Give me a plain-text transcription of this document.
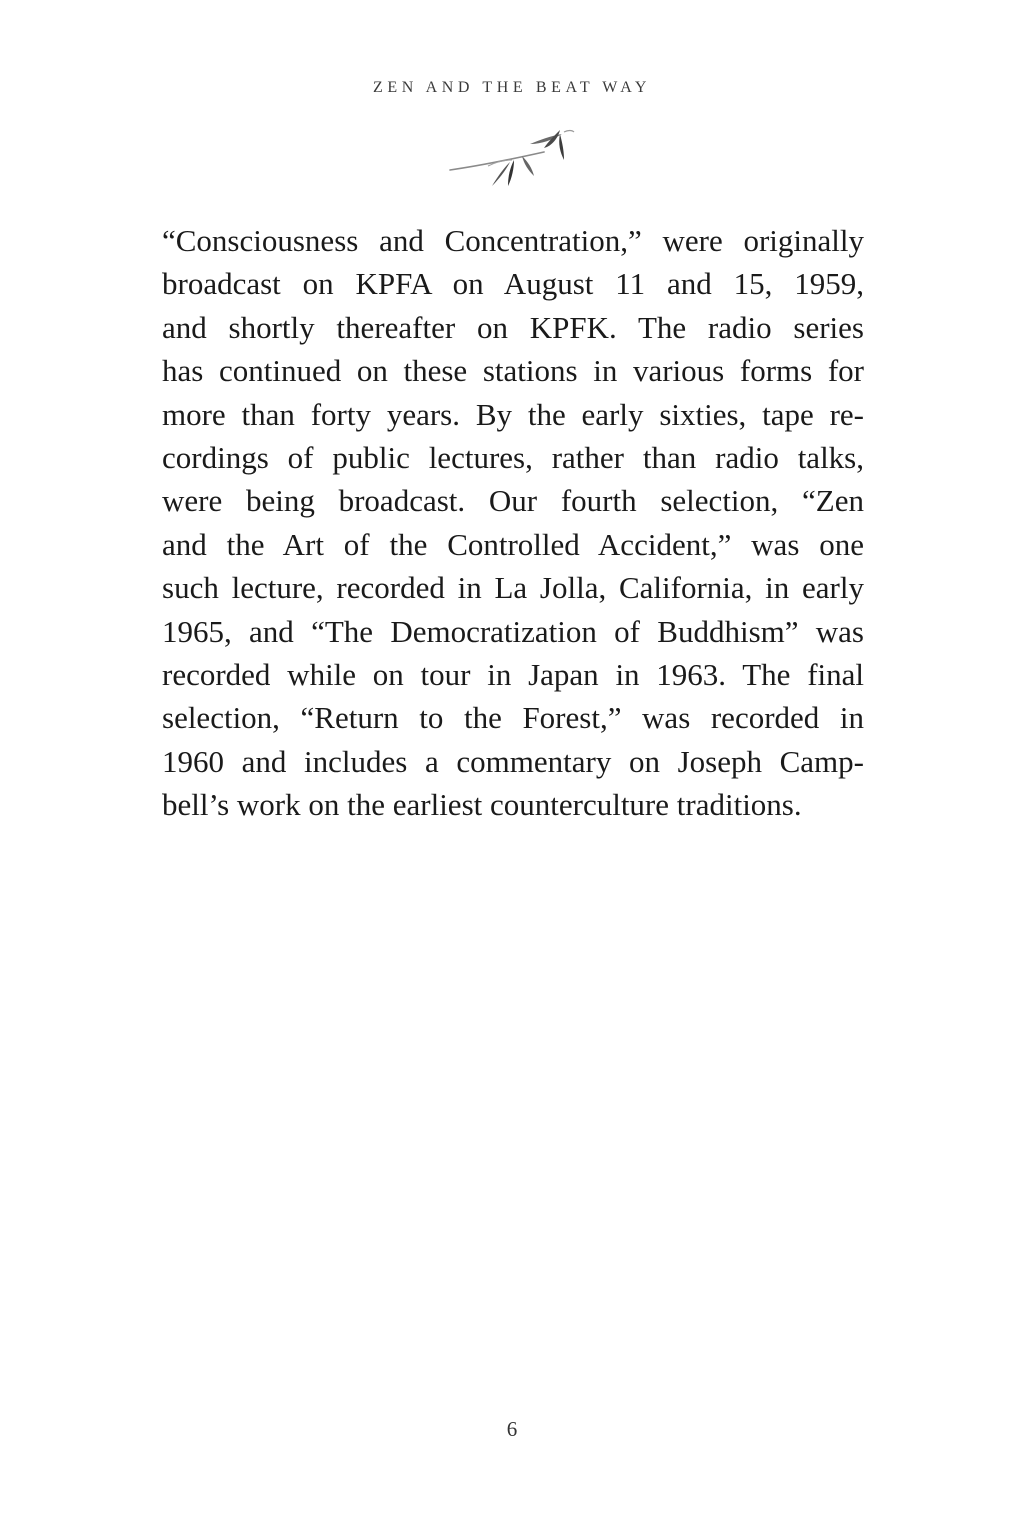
ZEN AND THE BEAT WAY

“Consciousness and Concentration,” were originally
broadcast on KPFA on August 11 and 15, 1959,
and shortly thereafter on KPFK. The radio series
has continued on these stations in various forms for
more than forty years. By the early sixties, tape re-
cordings of public lectures, rather than radio talks,
were being broadcast. Our fourth selection, “Zen
and the Art of the Controlled Accident,” was one
such lecture, recorded in La Jolla, California, in early
1965, and “The Democratization of Buddhism” was
recorded while on tour in Japan in 1963. The final
selection, “Return to the Forest,” was recorded in
1960 and includes a commentary on Joseph Camp-
bell’s work on the earliest counterculture traditions.

6
